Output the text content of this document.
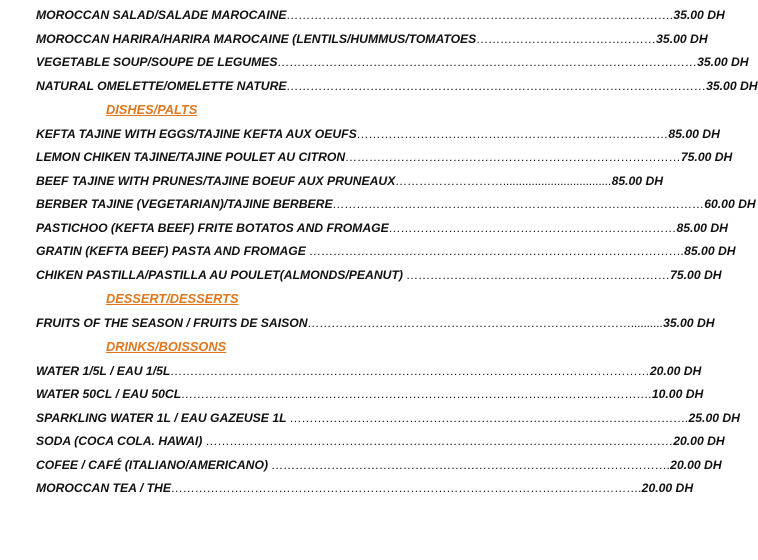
MOROCCAN SALAD/SALADE MAROCAINE…………………………………………………………………………………….35.00 DH
MOROCCAN HARIRA/HARIRA MAROCAINE (LENTILS/HUMMUS/TOMATOES………………………………………35.00 DH
VEGETABLE SOUP/SOUPE DE LEGUMES……………………………………………………………………………………………35.00 DH
NATURAL OMELETTE/OMELETTE NATURE……………………………………………………………………………………………35.00 DH
DISHES/PALTS
KEFTA TAJINE WITH EGGS/TAJINE KEFTA AUX OEUFS……………………………………………………………………85.00 DH
LEMON CHIKEN TAJINE/TAJINE POULET AU CITRON…………………………………………………………………………75.00 DH
BEEF TAJINE WITH PRUNES/TAJINE BOEUF AUX PRUNEAUX………………………..................................85.00 DH
BERBER TAJINE (VEGETARIAN)/TAJINE BERBERE…………………………………………………………………………………60.00 DH
PASTICHOO (KEFTA BEEF) FRITE BOTATOS AND FROMAGE………………………………………………………………85.00 DH
GRATIN (KEFTA BEEF) PASTA AND FROMAGE ………………………………………………………………………………….85.00 DH
CHIKEN PASTILLA/PASTILLA AU POULET(ALMONDS/PEANUT) …………………………………………………………75.00 DH
DESSERT/DESSERTS
FRUITS OF THE SEASON / FRUITS DE SAISON………………………………………………………………………..........35.00 DH
DRINKS/BOISSONS
WATER 1/5L / EAU 1/5L…………………………………………………………………………………………………………20.00 DH
WATER 50CL / EAU 50CL……………………………………………………………………………………………………….10.00 DH
SPARKLING WATER 1L / EAU GAZEUSE 1L ……………………………………………………………………………………….25.00 DH
SODA (COCA COLA. HAWAI) ………………………………………………………………………………………………………20.00 DH
COFEE / CAFÉ (ITALIANO/AMERICANO) ……………………………………………………………………………………….20.00 DH
MOROCCAN TEA / THE……………………………………………………………………………………………………….20.00 DH
